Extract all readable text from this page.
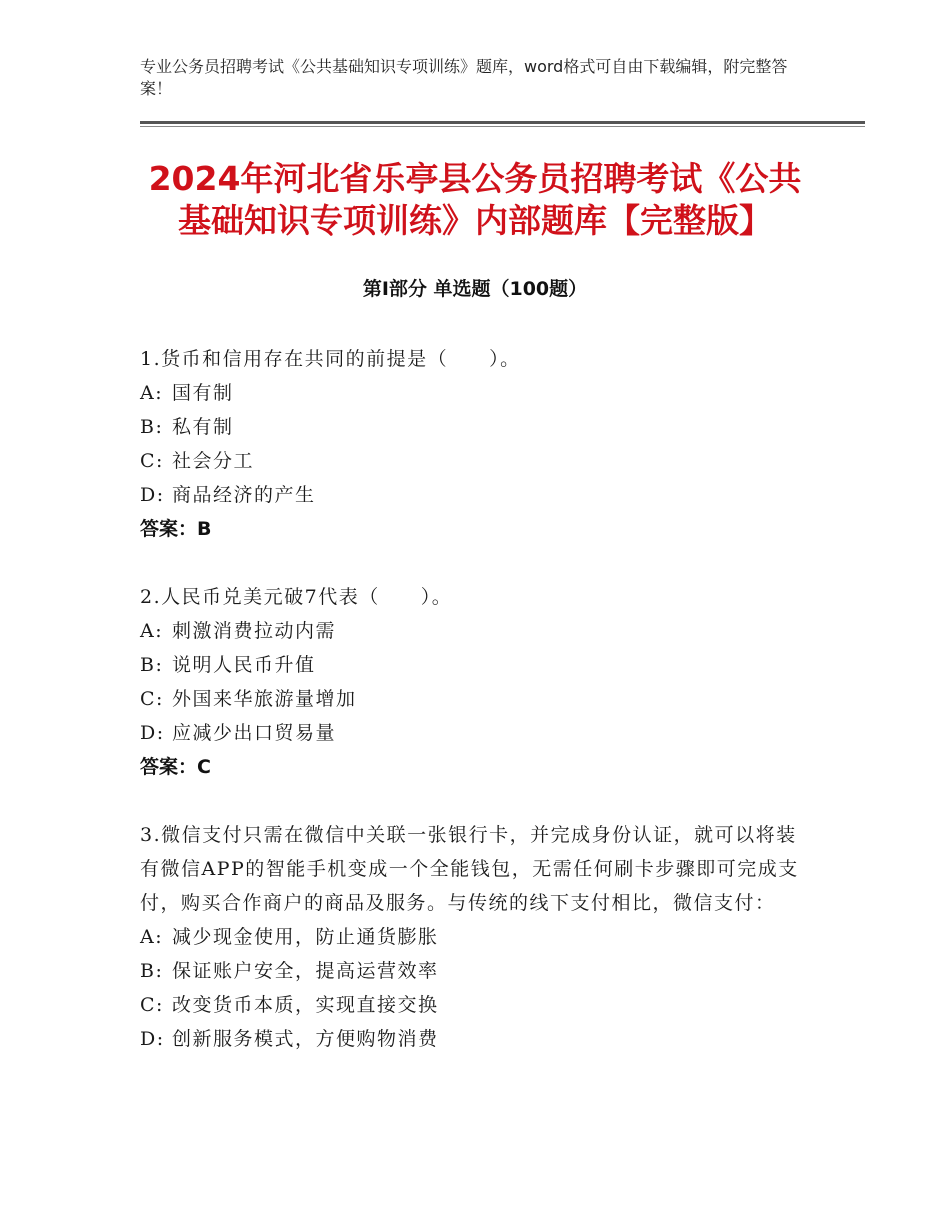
专业公务员招聘考试《公共基础知识专项训练》题库，word格式可自由下载编辑，附完整答案！
2024年河北省乐亭县公务员招聘考试《公共
基础知识专项训练》内部题库【完整版】
第Ⅰ部分 单选题（100题）

1.货币和信用存在共同的前提是（　　）。

A: 国有制
B: 私有制
C: 社会分工
D: 商品经济的产生
答案：B

2.人民币兑美元破7代表（　　）。

A: 刺激消费拉动内需
B: 说明人民币升值
C: 外国来华旅游量增加
D: 应减少出口贸易量
答案：C

3.微信支付只需在微信中关联一张银行卡，并完成身份认证，就可以将装有微信APP的智能手机变成一个全能钱包，无需任何刷卡步骤即可完成支付，购买合作商户的商品及服务。与传统的线下支付相比，微信支付：

A: 减少现金使用，防止通货膨胀
B: 保证账户安全，提高运营效率
C: 改变货币本质，实现直接交换
D: 创新服务模式，方便购物消费
